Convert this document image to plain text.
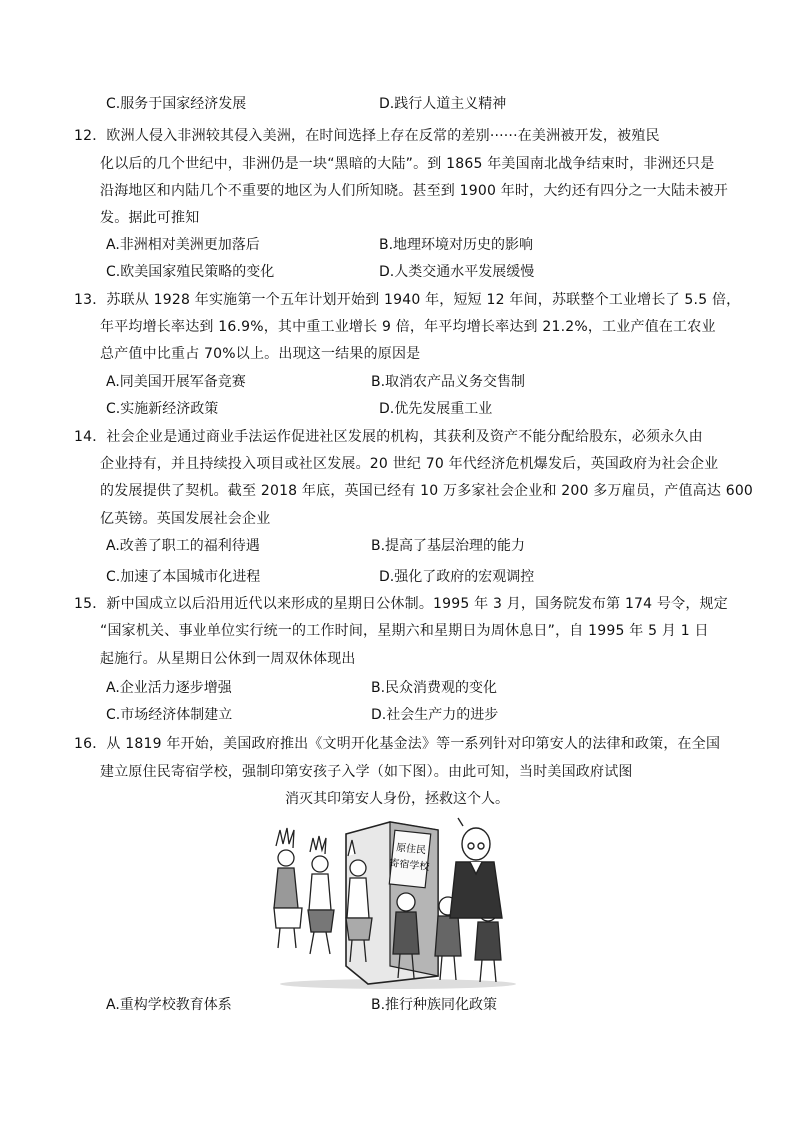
C.服务于国家经济发展	D.践行人道主义精神
12．欧洲人侵入非洲较其侵入美洲，在时间选择上存在反常的差别······在美洲被开发，被殖民
化以后的几个世纪中，非洲仍是一块“黑暗的大陆”。到 1865 年美国南北战争结束时，非洲还只是
沿海地区和内陆几个不重要的地区为人们所知晓。甚至到 1900 年时，大约还有四分之一大陆未被开
发。据此可推知
A.非洲相对美洲更加落后	B.地理环境对历史的影响
C.欧美国家殖民策略的变化	D.人类交通水平发展缓慢
13．苏联从 1928 年实施第一个五年计划开始到 1940 年，短短 12 年间，苏联整个工业增长了 5.5 倍，
年平均增长率达到 16.9%，其中重工业增长 9 倍，年平均增长率达到 21.2%，工业产值在工农业
总产值中比重占 70%以上。出现这一结果的原因是
A.同美国开展军备竞赛	B.取消农产品义务交售制
C.实施新经济政策	D.优先发展重工业
14．社会企业是通过商业手法运作促进社区发展的机构，其获利及资产不能分配给股东，必须永久由
企业持有，并且持续投入项目或社区发展。20 世纪 70 年代经济危机爆发后，英国政府为社会企业
的发展提供了契机。截至 2018 年底，英国已经有 10 万多家社会企业和 200 多万雇员，产值高达 600
亿英镑。英国发展社会企业
A.改善了职工的福利待遇	B.提高了基层治理的能力
C.加速了本国城市化进程	D.强化了政府的宏观调控
15．新中国成立以后沿用近代以来形成的星期日公休制。1995 年 3 月，国务院发布第 174 号令，规定
“国家机关、事业单位实行统一的工作时间，星期六和星期日为周休息日”，自 1995 年 5 月 1 日
起施行。从星期日公休到一周双休体现出
A.企业活力逐步增强	B.民众消费观的变化
C.市场经济体制建立	D.社会生产力的进步
16．从 1819 年开始，美国政府推出《文明开化基金法》等一系列针对印第安人的法律和政策，在全国
建立原住民寄宿学校，强制印第安孩子入学（如下图）。由此可知，当时美国政府试图
消灭其印第安人身份，拯救这个人。
原住民
寄宿学校
A.重构学校教育体系	B.推行种族同化政策
